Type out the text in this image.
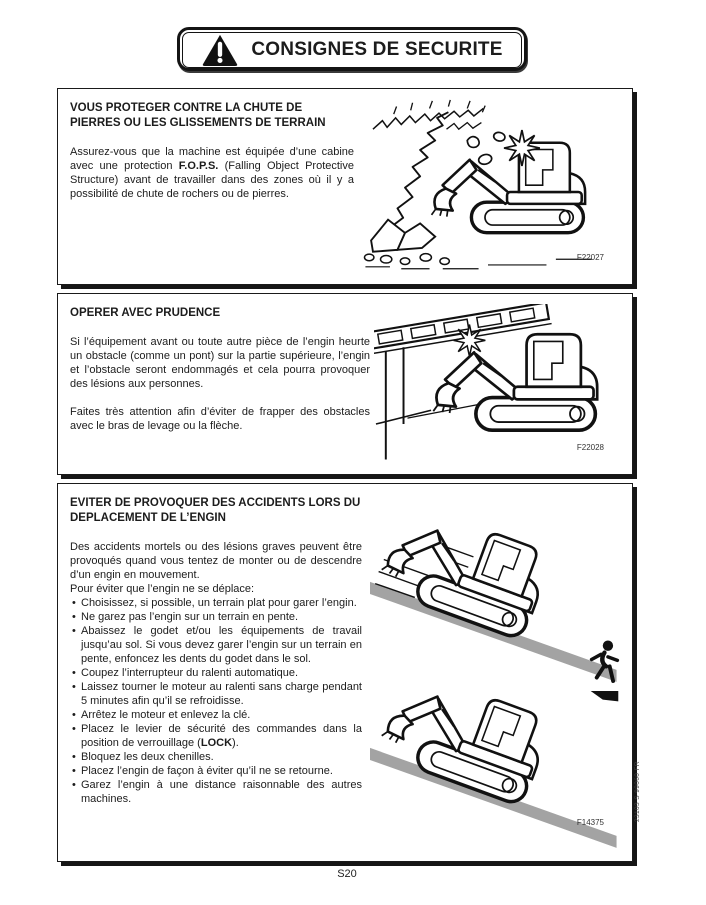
CONSIGNES DE SECURITE
VOUS PROTEGER CONTRE LA CHUTE DE PIERRES OU LES GLISSEMENTS DE TERRAIN

Assurez-vous que la machine est équipée d’une cabine avec une protection F.O.P.S. (Falling Object Protective Structure) avant de travailler dans des zones où il y a possibilité de chute de rochers ou de pierres.

F22027
OPERER AVEC PRUDENCE

Si l’équipement avant ou toute autre pièce de l’engin heurte un obstacle (comme un pont) sur la partie supérieure, l’engin et l’obstacle seront endommagés et cela pourra provoquer des lésions aux personnes.

Faites très attention afin d’éviter de frapper des obstacles avec le bras de levage ou la flèche.

F22028
EVITER DE PROVOQUER DES ACCIDENTS LORS DU DEPLACEMENT DE L’ENGIN

Des accidents mortels ou des lésions graves peuvent être provoqués quand vous tentez de monter ou de descendre d’un engin en mouvement.

Pour éviter que l’engin ne se déplace:

• Choisissez, si possible, un terrain plat pour garer l’engin.
• Ne garez pas l’engin sur un terrain en pente.
• Abaissez le godet et/ou les équipements de travail jusqu’au sol. Si vous devez garer l’engin sur un terrain en pente, enfoncez les dents du godet dans le sol.
• Coupez l’interrupteur du ralenti automatique.
• Laissez tourner le moteur au ralenti sans charge pendant 5 minutes afin qu’il se refroidisse.
• Arrêtez le moteur et enlevez la clé.
• Placez le levier de sécurité des commandes dans la position de verrouillage (LOCK).
• Bloquez les deux chenilles.
• Placez l’engin de façon à éviter qu’il ne se retourne.
• Garez l’engin à une distance raisonnable des autres machines.
F14375
23103 S 99060 FR
S20
